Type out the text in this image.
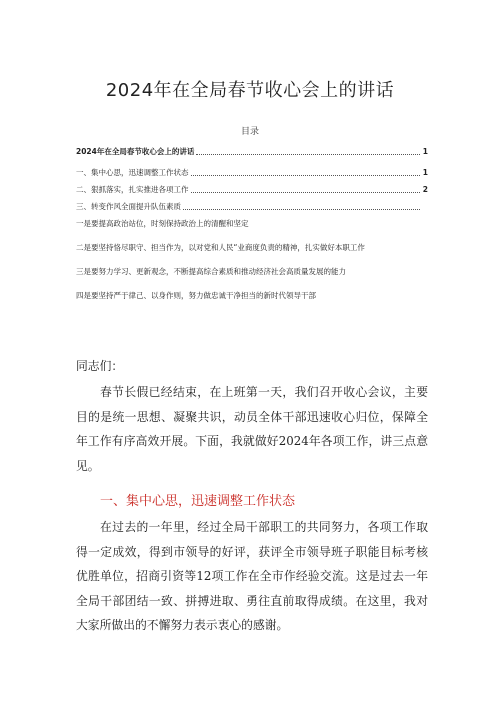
2024年在全局春节收心会上的讲话
目录
2024年在全局春节收心会上的讲话	1
一、集中心思，迅速调整工作状态	1
二、狠抓落实，扎实推进各项工作	2
三、转变作风全面提升队伍素质
一是要提高政治站位，时刻保持政治上的清醒和坚定
二是要坚持恪尽职守、担当作为，以对党和人民“业商度负责的精神，扎实做好本职工作
三是要努力学习、更新观念，不断提高综合素质和推动经济社会高质量发展的能力
四是要坚持严于律己、以身作则，努力做忠诚干净担当的新时代领导干部
同志们：
春节长假已经结束，在上班第一天，我们召开收心会议，主要目的是统一思想、凝聚共识，动员全体干部迅速收心归位，保障全年工作有序高效开展。下面，我就做好2024年各项工作，讲三点意见。
一、集中心思，迅速调整工作状态
在过去的一年里，经过全局干部职工的共同努力，各项工作取得一定成效，得到市领导的好评，获评全市领导班子职能目标考核优胜单位，招商引资等12项工作在全市作经验交流。这是过去一年全局干部团结一致、拼搏进取、勇往直前取得成绩。在这里，我对大家所做出的不懈努力表示衷心的感谢。
